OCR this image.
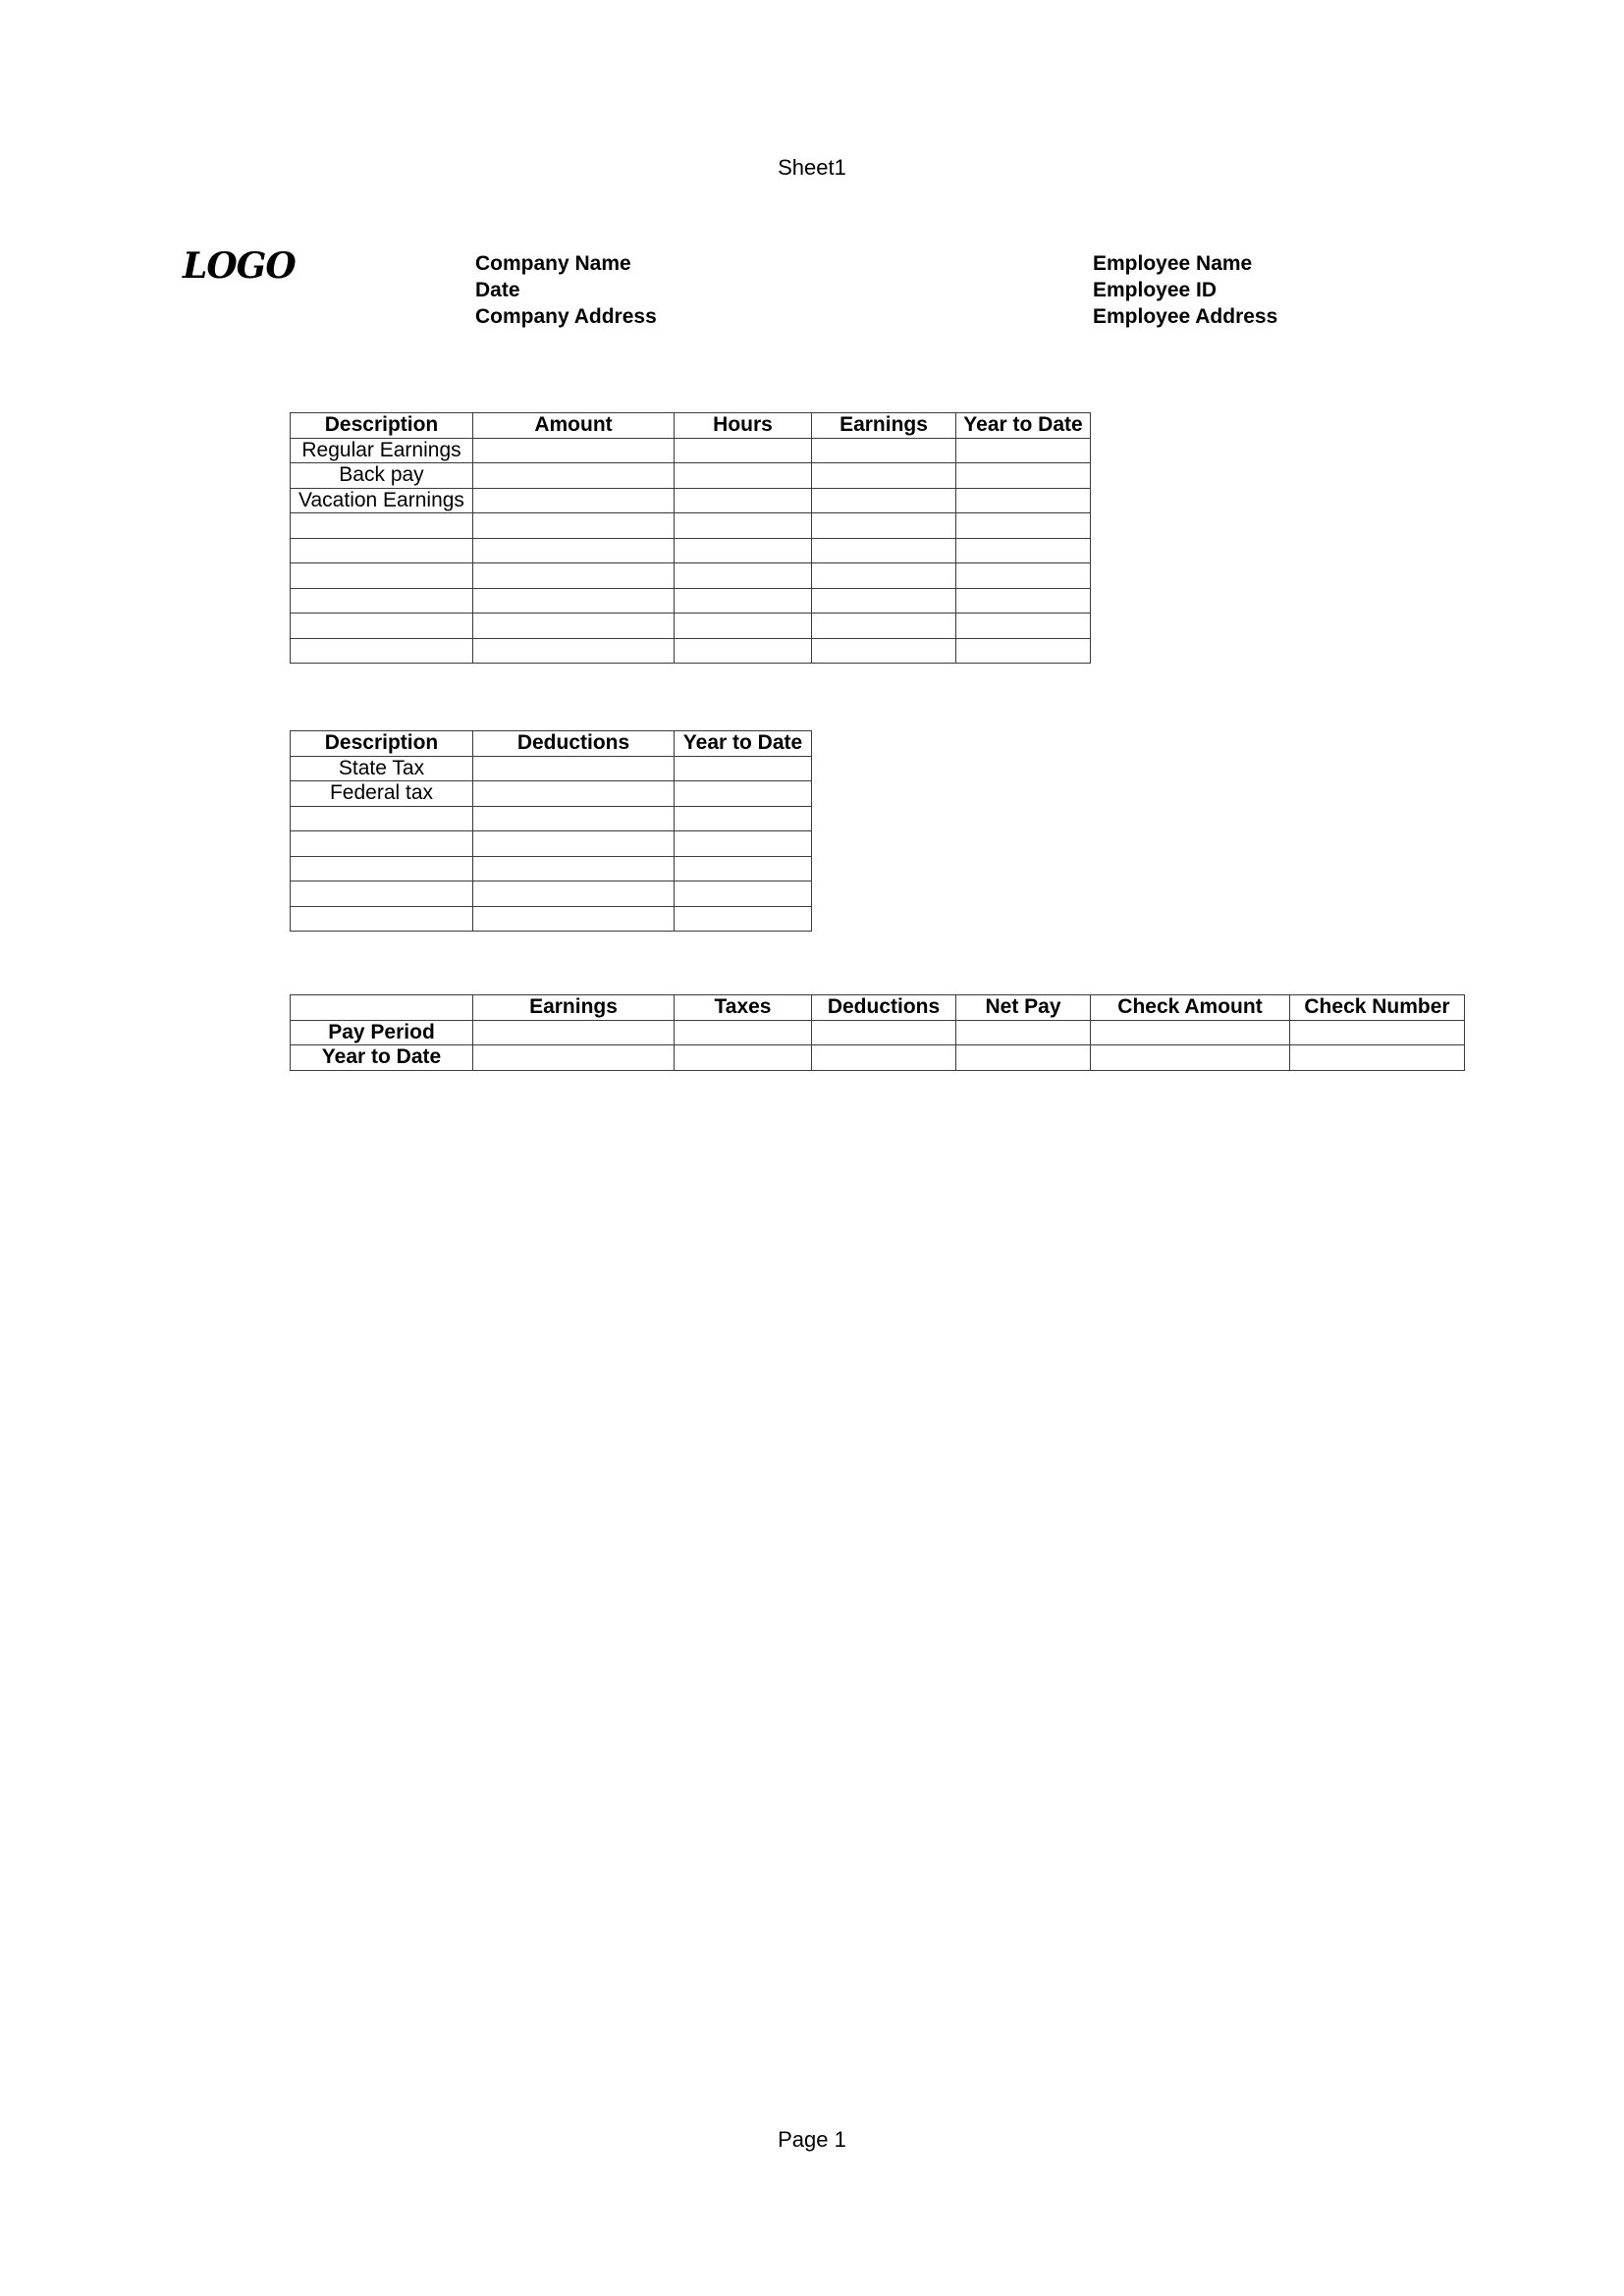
Sheet1
LOGO	Company Name
Date
Company Address
Employee Name
Employee ID
Employee Address
Description	Amount	Hours	Earnings	Year to Date
Regular Earnings				
Back pay				
Vacation Earnings				

Description	Deductions	Year to Date
State Tax		
Federal tax		

	Earnings	Taxes	Deductions	Net Pay	Check Amount	Check Number
Pay Period						
Year to Date						
Page 1
